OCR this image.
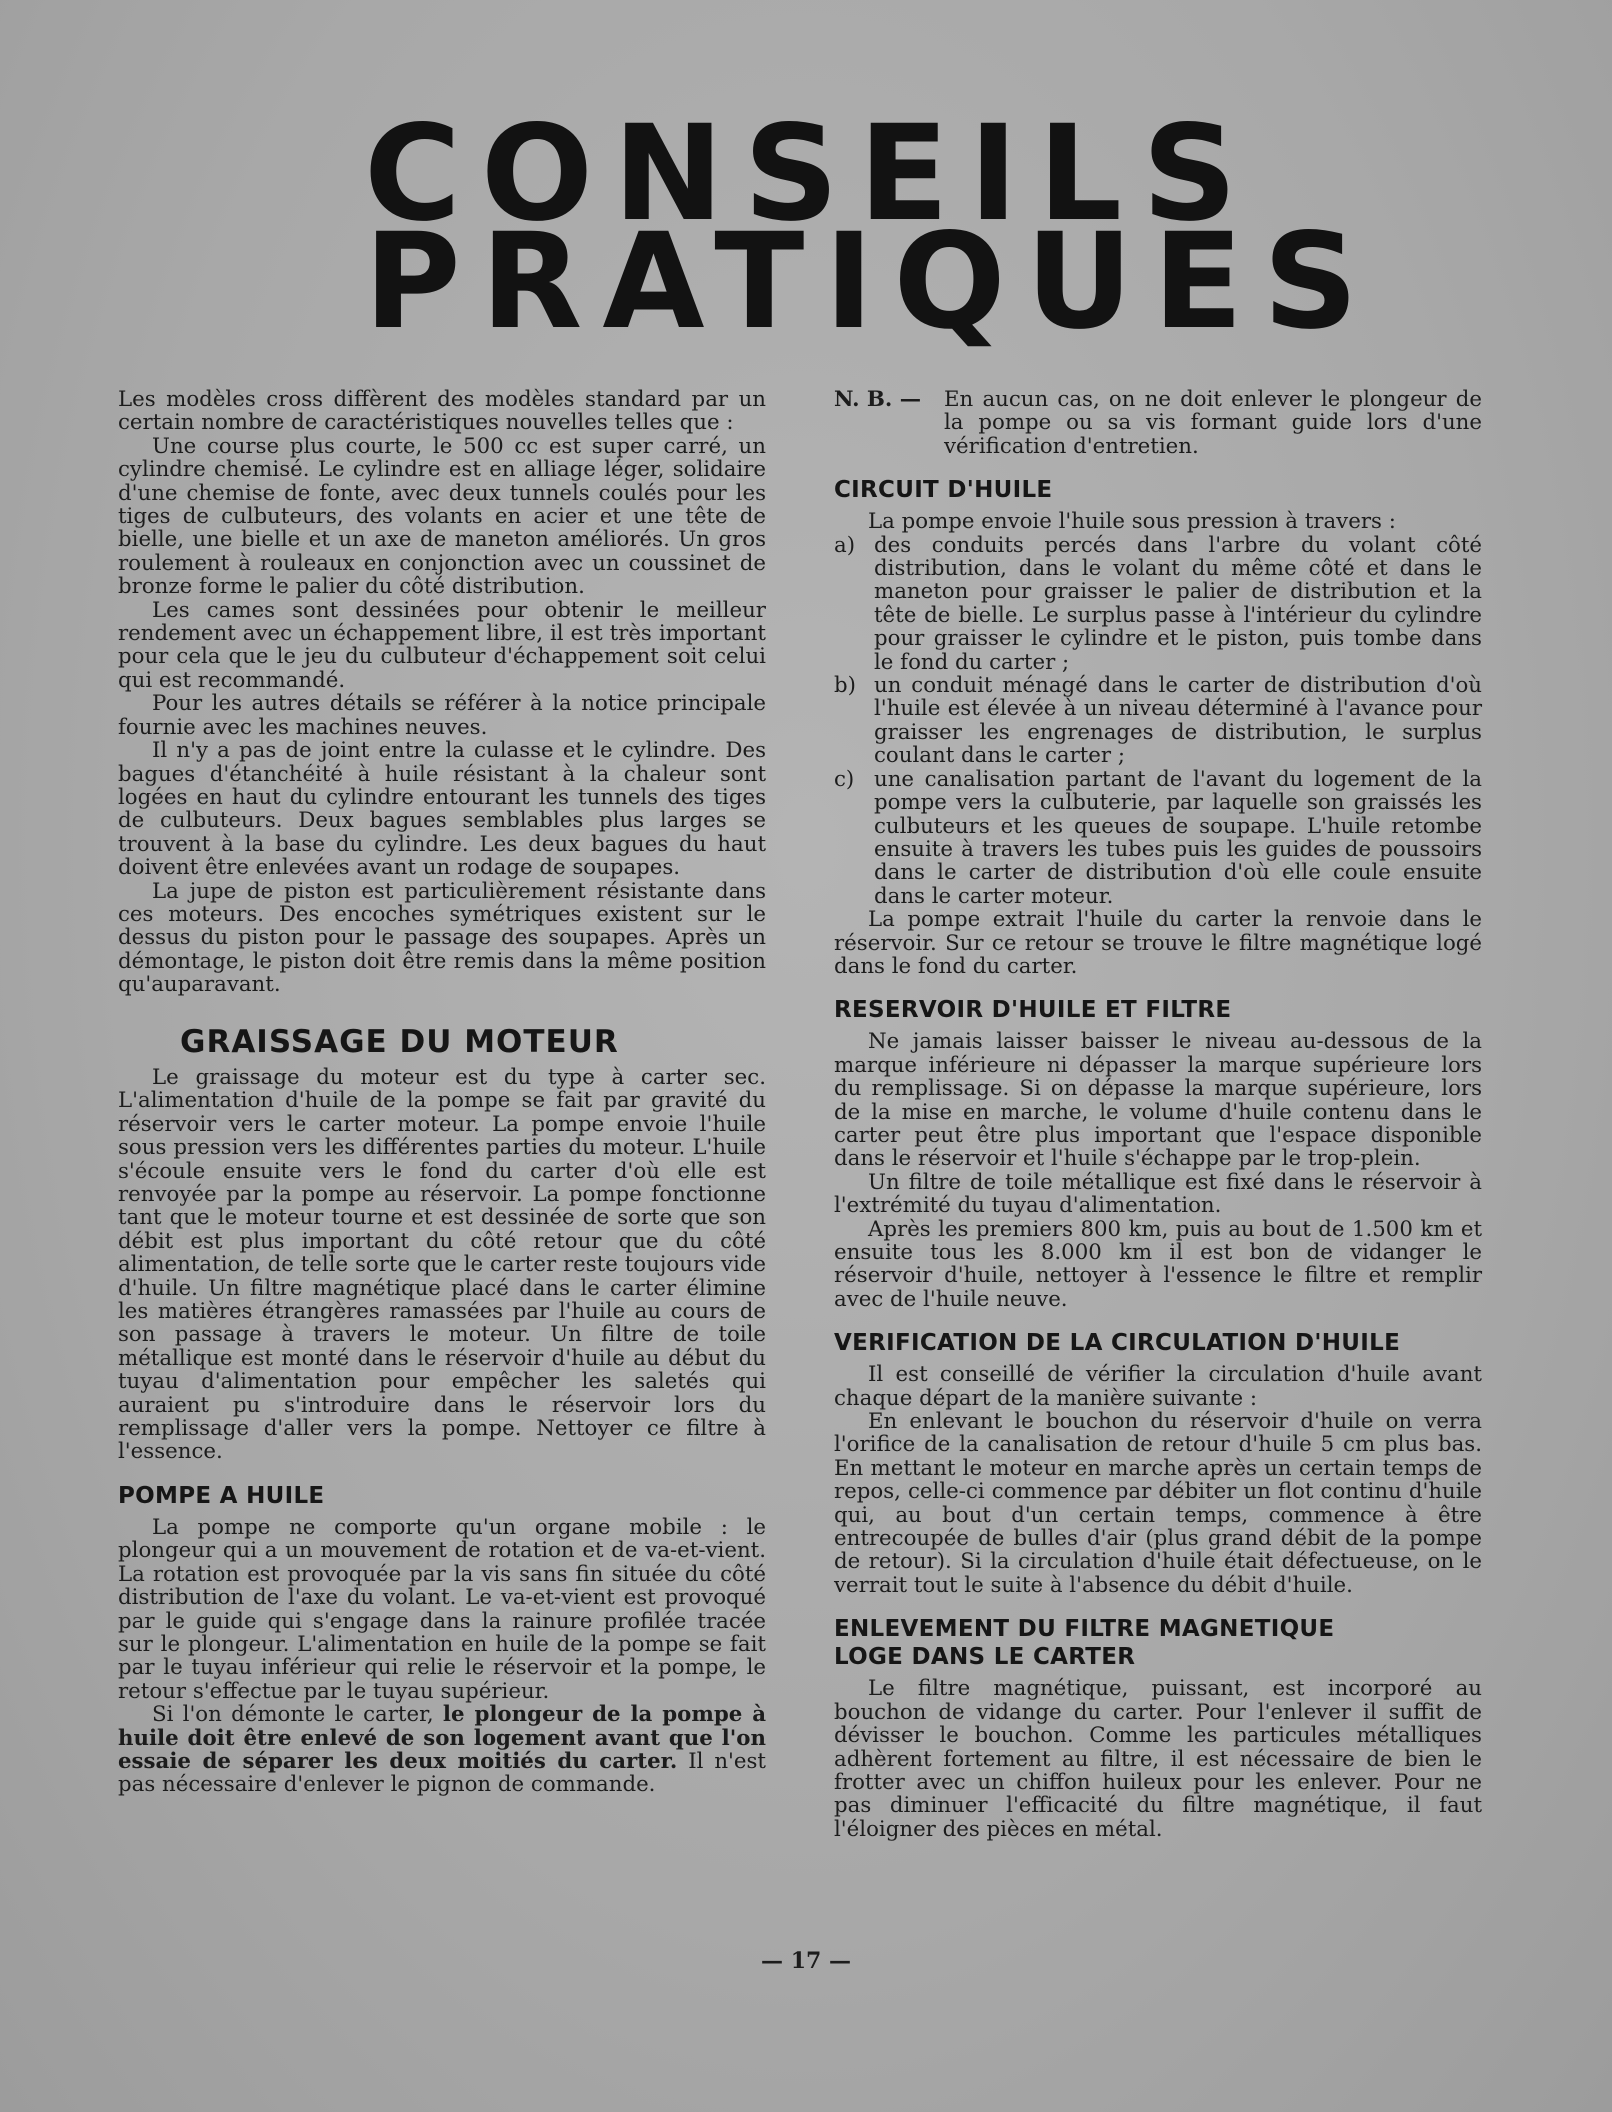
CONSEILS
PRATIQUES

Les modèles cross diffèrent des modèles standard par un certain nombre de caractéristiques nouvelles telles que :

Une course plus courte, le 500 cc est super carré, un cylindre chemisé. Le cylindre est en alliage léger, solidaire d'une chemise de fonte, avec deux tunnels coulés pour les tiges de culbuteurs, des volants en acier et une tête de bielle, une bielle et un axe de maneton améliorés. Un gros roulement à rouleaux en conjonction avec un coussinet de bronze forme le palier du côté distribution.

Les cames sont dessinées pour obtenir le meilleur rendement avec un échappement libre, il est très important pour cela que le jeu du culbuteur d'échappement soit celui qui est recommandé.

Pour les autres détails se référer à la notice principale fournie avec les machines neuves.

Il n'y a pas de joint entre la culasse et le cylindre. Des bagues d'étanchéité à huile résistant à la chaleur sont logées en haut du cylindre entourant les tunnels des tiges de culbuteurs. Deux bagues semblables plus larges se trouvent à la base du cylindre. Les deux bagues du haut doivent être enlevées avant un rodage de soupapes.

La jupe de piston est particulièrement résistante dans ces moteurs. Des encoches symétriques existent sur le dessus du piston pour le passage des soupapes. Après un démontage, le piston doit être remis dans la même position qu'auparavant.

GRAISSAGE DU MOTEUR

Le graissage du moteur est du type à carter sec. L'alimentation d'huile de la pompe se fait par gravité du réservoir vers le carter moteur. La pompe envoie l'huile sous pression vers les différentes parties du moteur. L'huile s'écoule ensuite vers le fond du carter d'où elle est renvoyée par la pompe au réservoir. La pompe fonctionne tant que le moteur tourne et est dessinée de sorte que son débit est plus important du côté retour que du côté alimentation, de telle sorte que le carter reste toujours vide d'huile. Un filtre magnétique placé dans le carter élimine les matières étrangères ramassées par l'huile au cours de son passage à travers le moteur. Un filtre de toile métallique est monté dans le réservoir d'huile au début du tuyau d'alimentation pour empêcher les saletés qui auraient pu s'introduire dans le réservoir lors du remplissage d'aller vers la pompe. Nettoyer ce filtre à l'essence.

POMPE A HUILE

La pompe ne comporte qu'un organe mobile : le plongeur qui a un mouvement de rotation et de va-et-vient. La rotation est provoquée par la vis sans fin située du côté distribution de l'axe du volant. Le va-et-vient est provoqué par le guide qui s'engage dans la rainure profilée tracée sur le plongeur. L'alimentation en huile de la pompe se fait par le tuyau inférieur qui relie le réservoir et la pompe, le retour s'effectue par le tuyau supérieur.

Si l'on démonte le carter, le plongeur de la pompe à huile doit être enlevé de son logement avant que l'on essaie de séparer les deux moitiés du carter. Il n'est pas nécessaire d'enlever le pignon de commande.

N. B. —	En aucun cas, on ne doit enlever le plongeur de la pompe ou sa vis formant guide lors d'une vérification d'entretien.
CIRCUIT D'HUILE

La pompe envoie l'huile sous pression à travers :

a) des conduits percés dans l'arbre du volant côté distribution, dans le volant du même côté et dans le maneton pour graisser le palier de distribution et la tête de bielle. Le surplus passe à l'intérieur du cylindre pour graisser le cylindre et le piston, puis tombe dans le fond du carter ;
b) un conduit ménagé dans le carter de distribution d'où l'huile est élevée à un niveau déterminé à l'avance pour graisser les engrenages de distribution, le surplus coulant dans le carter ;
c) une canalisation partant de l'avant du logement de la pompe vers la culbuterie, par laquelle son graissés les culbuteurs et les queues de soupape. L'huile retombe ensuite à travers les tubes puis les guides de poussoirs dans le carter de distribution d'où elle coule ensuite dans le carter moteur.

La pompe extrait l'huile du carter la renvoie dans le réservoir. Sur ce retour se trouve le filtre magnétique logé dans le fond du carter.

RESERVOIR D'HUILE ET FILTRE

Ne jamais laisser baisser le niveau au-dessous de la marque inférieure ni dépasser la marque supérieure lors du remplissage. Si on dépasse la marque supérieure, lors de la mise en marche, le volume d'huile contenu dans le carter peut être plus important que l'espace disponible dans le réservoir et l'huile s'échappe par le trop-plein.

Un filtre de toile métallique est fixé dans le réservoir à l'extrémité du tuyau d'alimentation.

Après les premiers 800 km, puis au bout de 1.500 km et ensuite tous les 8.000 km il est bon de vidanger le réservoir d'huile, nettoyer à l'essence le filtre et remplir avec de l'huile neuve.

VERIFICATION DE LA CIRCULATION D'HUILE

Il est conseillé de vérifier la circulation d'huile avant chaque départ de la manière suivante :

En enlevant le bouchon du réservoir d'huile on verra l'orifice de la canalisation de retour d'huile 5 cm plus bas. En mettant le moteur en marche après un certain temps de repos, celle-ci commence par débiter un flot continu d'huile qui, au bout d'un certain temps, commence à être entrecoupée de bulles d'air (plus grand débit de la pompe de retour). Si la circulation d'huile était défectueuse, on le verrait tout le suite à l'absence du débit d'huile.

ENLEVEMENT DU FILTRE MAGNETIQUE
LOGE DANS LE CARTER

Le filtre magnétique, puissant, est incorporé au bouchon de vidange du carter. Pour l'enlever il suffit de dévisser le bouchon. Comme les particules métalliques adhèrent fortement au filtre, il est nécessaire de bien le frotter avec un chiffon huileux pour les enlever. Pour ne pas diminuer l'efficacité du filtre magnétique, il faut l'éloigner des pièces en métal.

— 17 —
